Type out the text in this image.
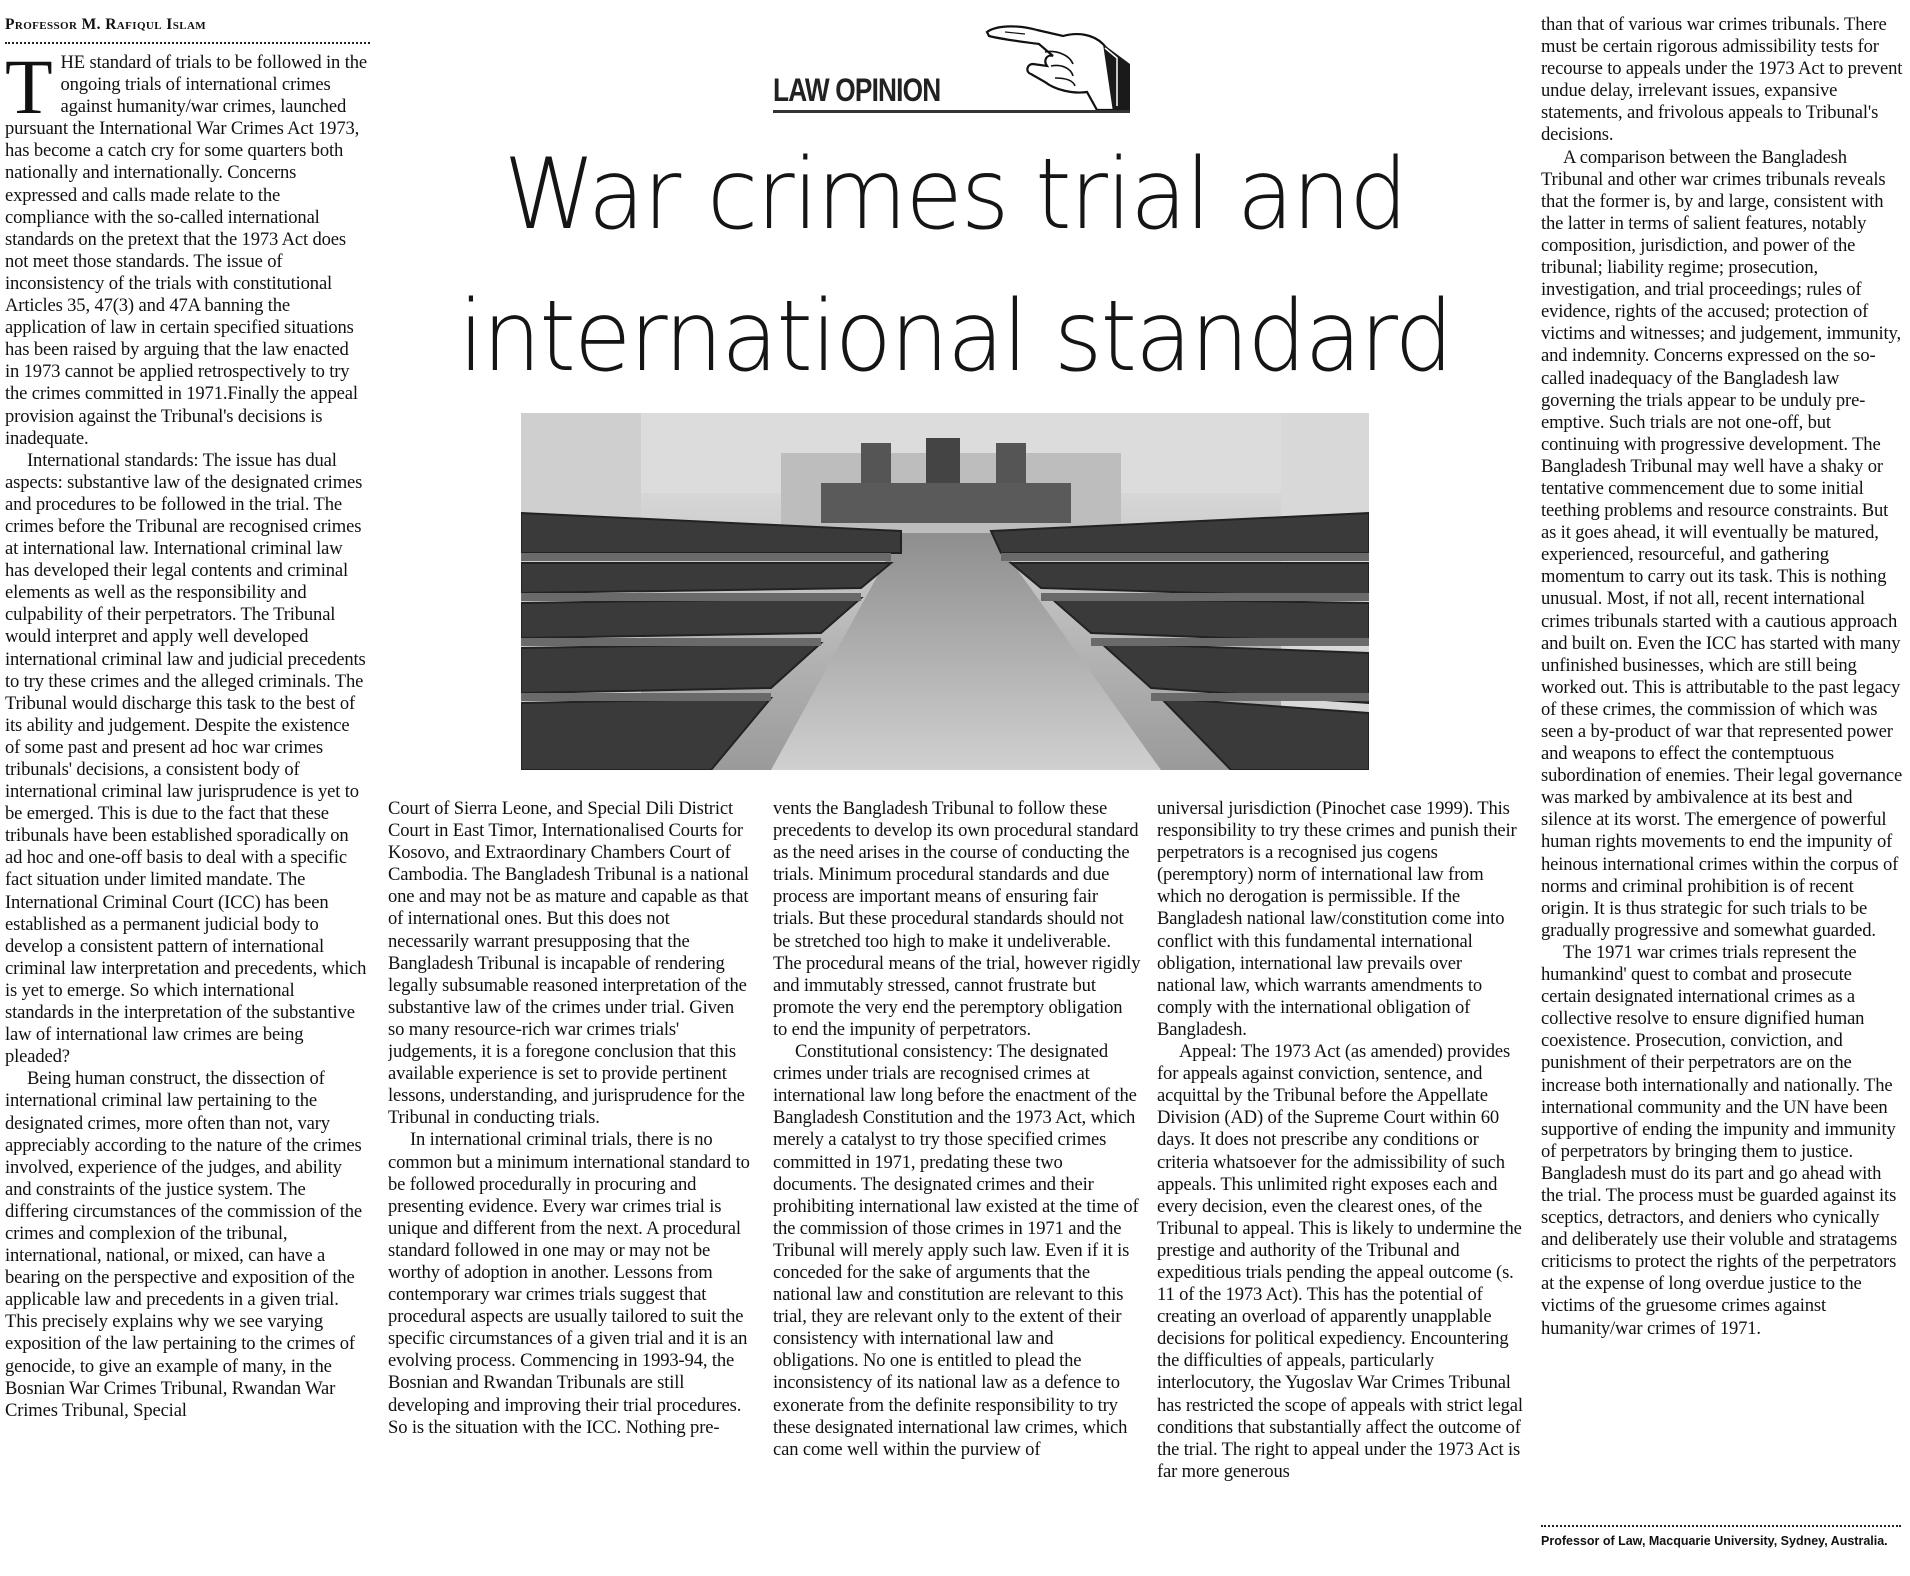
Professor M. Rafiqul Islam
LAW OPINION
War crimes trial and
international standard

THE standard of trials to be followed in the ongoing trials of international crimes against humanity/war crimes, launched pursuant the International War Crimes Act 1973, has become a catch cry for some quarters both nationally and internationally. Concerns expressed and calls made relate to the compliance with the so-called international standards on the pretext that the 1973 Act does not meet those standards. The issue of inconsistency of the trials with constitutional Articles 35, 47(3) and 47A banning the application of law in certain specified situations has been raised by arguing that the law enacted in 1973 cannot be applied retrospectively to try the crimes committed in 1971.Finally the appeal provision against the Tribunal's decisions is inadequate.

International standards: The issue has dual aspects: substantive law of the designated crimes and procedures to be followed in the trial. The crimes before the Tribunal are recognised crimes at international law. International criminal law has developed their legal contents and criminal elements as well as the responsibility and culpability of their perpetrators. The Tribunal would interpret and apply well developed international criminal law and judicial precedents to try these crimes and the alleged criminals. The Tribunal would discharge this task to the best of its ability and judgement. Despite the existence of some past and present ad hoc war crimes tribunals' decisions, a consistent body of international criminal law jurisprudence is yet to be emerged. This is due to the fact that these tribunals have been established sporadically on ad hoc and one-off basis to deal with a specific fact situation under limited mandate. The International Criminal Court (ICC) has been established as a permanent judicial body to develop a consistent pattern of international criminal law interpretation and precedents, which is yet to emerge. So which international standards in the interpretation of the substantive law of international law crimes are being pleaded?

Being human construct, the dissection of international criminal law pertaining to the designated crimes, more often than not, vary appreciably according to the nature of the crimes involved, experience of the judges, and ability and constraints of the justice system. The differing circumstances of the commission of the crimes and complexion of the tribunal, international, national, or mixed, can have a bearing on the perspective and exposition of the applicable law and precedents in a given trial. This precisely explains why we see varying exposition of the law pertaining to the crimes of genocide, to give an example of many, in the Bosnian War Crimes Tribunal, Rwandan War Crimes Tribunal, Special

Court of Sierra Leone, and Special Dili District Court in East Timor, Internationalised Courts for Kosovo, and Extraordinary Chambers Court of Cambodia. The Bangladesh Tribunal is a national one and may not be as mature and capable as that of international ones. But this does not necessarily warrant presupposing that the Bangladesh Tribunal is incapable of rendering legally subsumable reasoned interpretation of the substantive law of the crimes under trial. Given so many resource-rich war crimes trials' judgements, it is a foregone conclusion that this available experience is set to provide pertinent lessons, understanding, and jurisprudence for the Tribunal in conducting trials.

In international criminal trials, there is no common but a minimum international standard to be followed procedurally in procuring and presenting evidence. Every war crimes trial is unique and different from the next. A procedural standard followed in one may or may not be worthy of adoption in another. Lessons from contemporary war crimes trials suggest that procedural aspects are usually tailored to suit the specific circumstances of a given trial and it is an evolving process. Commencing in 1993-94, the Bosnian and Rwandan Tribunals are still developing and improving their trial procedures. So is the situation with the ICC. Nothing pre-

vents the Bangladesh Tribunal to follow these precedents to develop its own procedural standard as the need arises in the course of conducting the trials. Minimum procedural standards and due process are important means of ensuring fair trials. But these procedural standards should not be stretched too high to make it undeliverable. The procedural means of the trial, however rigidly and immutably stressed, cannot frustrate but promote the very end the peremptory obligation to end the impunity of perpetrators.

Constitutional consistency: The designated crimes under trials are recognised crimes at international law long before the enactment of the Bangladesh Constitution and the 1973 Act, which merely a catalyst to try those specified crimes committed in 1971, predating these two documents. The designated crimes and their prohibiting international law existed at the time of the commission of those crimes in 1971 and the Tribunal will merely apply such law. Even if it is conceded for the sake of arguments that the national law and constitution are relevant to this trial, they are relevant only to the extent of their consistency with international law and obligations. No one is entitled to plead the inconsistency of its national law as a defence to exonerate from the definite responsibility to try these designated international law crimes, which can come well within the purview of

universal jurisdiction (Pinochet case 1999). This responsibility to try these crimes and punish their perpetrators is a recognised jus cogens (peremptory) norm of international law from which no derogation is permissible. If the Bangladesh national law/constitution come into conflict with this fundamental international obligation, international law prevails over national law, which warrants amendments to comply with the international obligation of Bangladesh.

Appeal: The 1973 Act (as amended) provides for appeals against conviction, sentence, and acquittal by the Tribunal before the Appellate Division (AD) of the Supreme Court within 60 days. It does not prescribe any conditions or criteria whatsoever for the admissibility of such appeals. This unlimited right exposes each and every decision, even the clearest ones, of the Tribunal to appeal. This is likely to undermine the prestige and authority of the Tribunal and expeditious trials pending the appeal outcome (s. 11 of the 1973 Act). This has the potential of creating an overload of apparently unapplable decisions for political expediency. Encountering the difficulties of appeals, particularly interlocutory, the Yugoslav War Crimes Tribunal has restricted the scope of appeals with strict legal conditions that substantially affect the outcome of the trial. The right to appeal under the 1973 Act is far more generous

than that of various war crimes tribunals. There must be certain rigorous admissibility tests for recourse to appeals under the 1973 Act to prevent undue delay, irrelevant issues, expansive statements, and frivolous appeals to Tribunal's decisions.

A comparison between the Bangladesh Tribunal and other war crimes tribunals reveals that the former is, by and large, consistent with the latter in terms of salient features, notably composition, jurisdiction, and power of the tribunal; liability regime; prosecution, investigation, and trial proceedings; rules of evidence, rights of the accused; protection of victims and witnesses; and judgement, immunity, and indemnity. Concerns expressed on the so-called inadequacy of the Bangladesh law governing the trials appear to be unduly pre-emptive. Such trials are not one-off, but continuing with progressive development. The Bangladesh Tribunal may well have a shaky or tentative commencement due to some initial teething problems and resource constraints. But as it goes ahead, it will eventually be matured, experienced, resourceful, and gathering momentum to carry out its task. This is nothing unusual. Most, if not all, recent international crimes tribunals started with a cautious approach and built on. Even the ICC has started with many unfinished businesses, which are still being worked out. This is attributable to the past legacy of these crimes, the commission of which was seen a by-product of war that represented power and weapons to effect the contemptuous subordination of enemies. Their legal governance was marked by ambivalence at its best and silence at its worst. The emergence of powerful human rights movements to end the impunity of heinous international crimes within the corpus of norms and criminal prohibition is of recent origin. It is thus strategic for such trials to be gradually progressive and somewhat guarded.

The 1971 war crimes trials represent the humankind' quest to combat and prosecute certain designated international crimes as a collective resolve to ensure dignified human coexistence. Prosecution, conviction, and punishment of their perpetrators are on the increase both internationally and nationally. The international community and the UN have been supportive of ending the impunity and immunity of perpetrators by bringing them to justice. Bangladesh must do its part and go ahead with the trial. The process must be guarded against its sceptics, detractors, and deniers who cynically and deliberately use their voluble and stratagems criticisms to protect the rights of the perpetrators at the expense of long overdue justice to the victims of the gruesome crimes against humanity/war crimes of 1971.

Professor of Law, Macquarie University, Sydney, Australia.
